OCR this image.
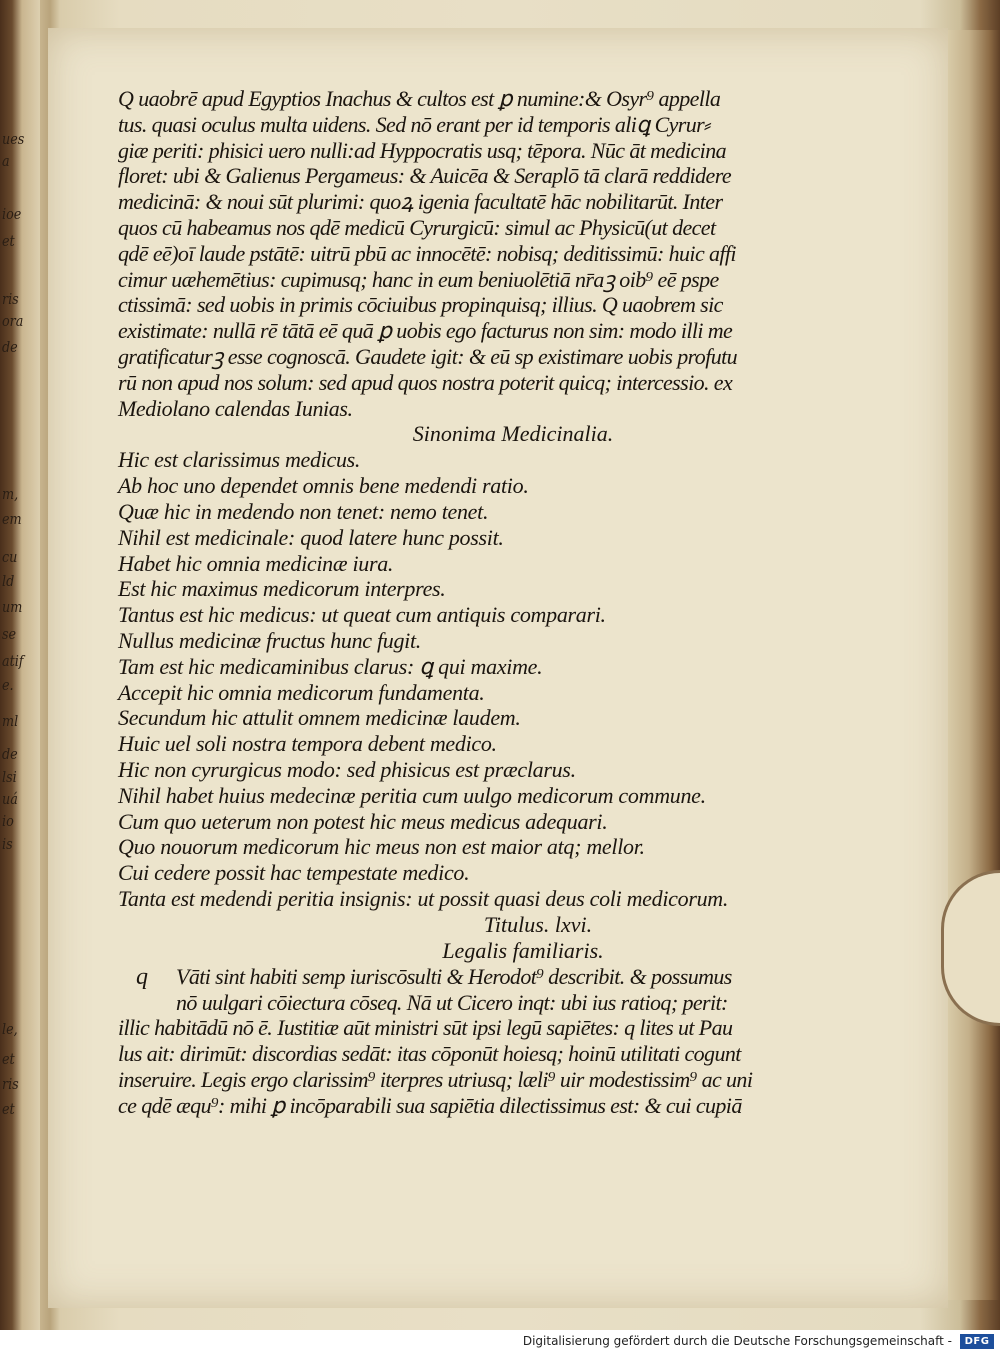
ues
a
ioe
et
ris
ora
de
m,
em
cu
ld
um
se
atif
e.
ml
de
lsi
uá
io
is
le,
et
ris
et
Q uaobrē apud Egyptios Inachus & cultos est ꝑ numine:& Osyr⁹ appella
tus. quasi oculus multa uidens. Sed nō erant per id temporis aliꝗ Cyrur⸗
giæ periti: phisici uero nulli:ad Hyppocratis usq; tēpora. Nūc āt medicina
floret: ubi & Galienus Pergameus: & Auicēa & Seraplō tā clarā reddidere
medicinā: & noui sūt plurimi: quoꝝ igenia facultatē hāc nobilitarūt. Inter
quos cū habeamus nos qdē medicū Cyrurgicū: simul ac Physicū(ut decet
qdē eē)oī laude pstātē: uitrū pbū ac innocētē: nobisq; deditissimū: huic affi
cimur uæhemētius: cupimusq; hanc in eum beniuolētiā nr̄aꝫ oib⁹ eē pspe
ctissimā: sed uobis in primis cōciuibus propinquisq; illius. Q uaobrem sic
existimate: nullā rē tātā eē quā ꝑ uobis ego facturus non sim: modo illi me
gratificaturꝫ esse cognoscā. Gaudete igit: & eū sp existimare uobis profutu
rū non apud nos solum: sed apud quos nostra poterit quicq; intercessio. ex
Mediolano calendas Iunias.
Sinonima Medicinalia.
Hic est clarissimus medicus.
Ab hoc uno dependet omnis bene medendi ratio.
Quæ hic in medendo non tenet: nemo tenet.
Nihil est medicinale: quod latere hunc possit.
Habet hic omnia medicinæ iura.
Est hic maximus medicorum interpres.
Tantus est hic medicus: ut queat cum antiquis comparari.
Nullus medicinæ fructus hunc fugit.
Tam est hic medicaminibus clarus: ꝗ qui maxime.
Accepit hic omnia medicorum fundamenta.
Secundum hic attulit omnem medicinæ laudem.
Huic uel soli nostra tempora debent medico.
Hic non cyrurgicus modo: sed phisicus est præclarus.
Nihil habet huius medecinæ peritia cum uulgo medicorum commune.
Cum quo ueterum non potest hic meus medicus adequari.
Quo nouorum medicorum hic meus non est maior atq; mellor.
Cui cedere possit hac tempestate medico.
Tanta est medendi peritia insignis: ut possit quasi deus coli medicorum.
Titulus. lxvi.
Legalis familiaris.
q Vāti sint habiti semp iuriscōsulti & Herodot⁹ describit. & possumus
nō uulgari cōiectura cōseq. Nā ut Cicero inqt: ubi ius ratioq; perit:
illic habitādū nō ē. Iustitiæ aūt ministri sūt ipsi legū sapiētes: q lites ut Pau
lus ait: dirimūt: discordias sedāt: itas cōponūt hoiesq; hoinū utilitati cogunt
inseruire. Legis ergo clarissim⁹ iterpres utriusq; læli⁹ uir modestissim⁹ ac uni
ce qdē æqu⁹: mihi ꝑ incōparabili sua sapiētia dilectissimus est: & cui cupiā
Digitalisierung gefördert durch die Deutsche Forschungsgemeinschaft -	DFG
